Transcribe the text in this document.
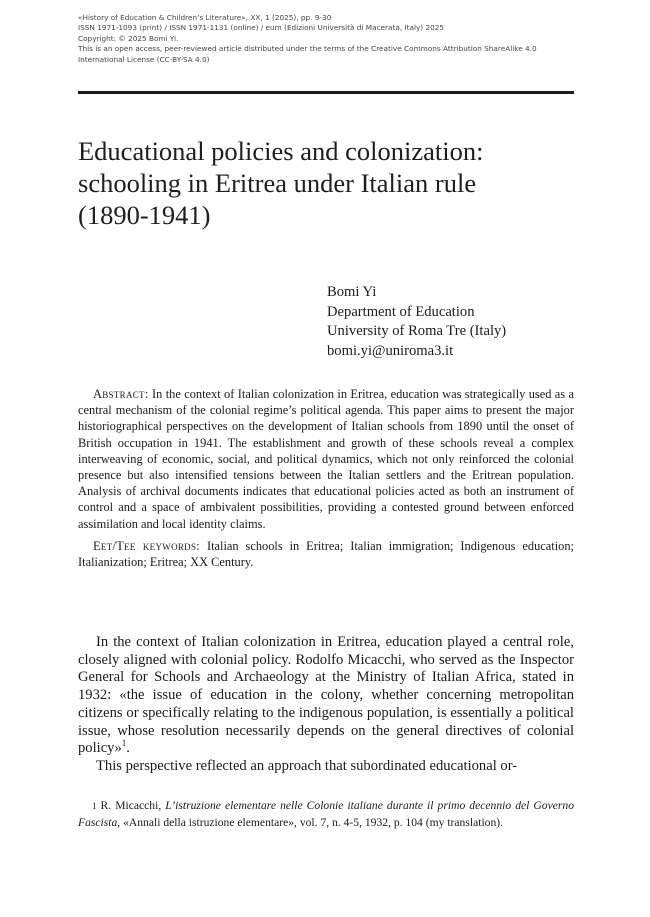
«History of Education & Children’s Literature», XX, 1 (2025), pp. 9-30
ISSN 1971-1093 (print) / ISSN 1971-1131 (online) / eum (Edizioni Università di Macerata, Italy) 2025
Copyright: © 2025 Bomi Yi.
This is an open access, peer-reviewed article distributed under the terms of the Creative Commons Attribution ShareAlike 4.0
International License (CC-BY-SA 4.0)
Educational policies and colonization:
schooling in Eritrea under Italian rule
(1890-1941)
Bomi Yi
Department of Education
University of Roma Tre (Italy)
bomi.yi@uniroma3.it

Abstract: In the context of Italian colonization in Eritrea, education was strategically used as a central mechanism of the colonial regime’s political agenda. This paper aims to present the major historiographical perspectives on the development of Italian schools from 1890 until the onset of British occupation in 1941. The establishment and growth of these schools reveal a complex interweaving of economic, social, and political dynamics, which not only reinforced the colonial presence but also intensified tensions between the Italian settlers and the Eritrean population. Analysis of archival documents indicates that educational policies acted as both an instrument of control and a space of ambivalent possibilities, providing a contested ground between enforced assimilation and local identity claims.

Eet/Tee keywords: Italian schools in Eritrea; Italian immigration; Indigenous education; Italianization; Eritrea; XX Century.

In the context of Italian colonization in Eritrea, education played a central role, closely aligned with colonial policy. Rodolfo Micacchi, who served as the Inspector General for Schools and Archaeology at the Ministry of Italian Africa, stated in 1932: «the issue of education in the colony, whether concerning metropolitan citizens or specifically relating to the indigenous population, is essentially a political issue, whose resolution necessarily depends on the general directives of colonial policy»$^1$.

This perspective reflected an approach that subordinated educational or-

1 R. Micacchi, L’istruzione elementare nelle Colonie italiane durante il primo decennio del Governo Fascista, «Annali della istruzione elementare», vol. 7, n. 4-5, 1932, p. 104 (my translation).
